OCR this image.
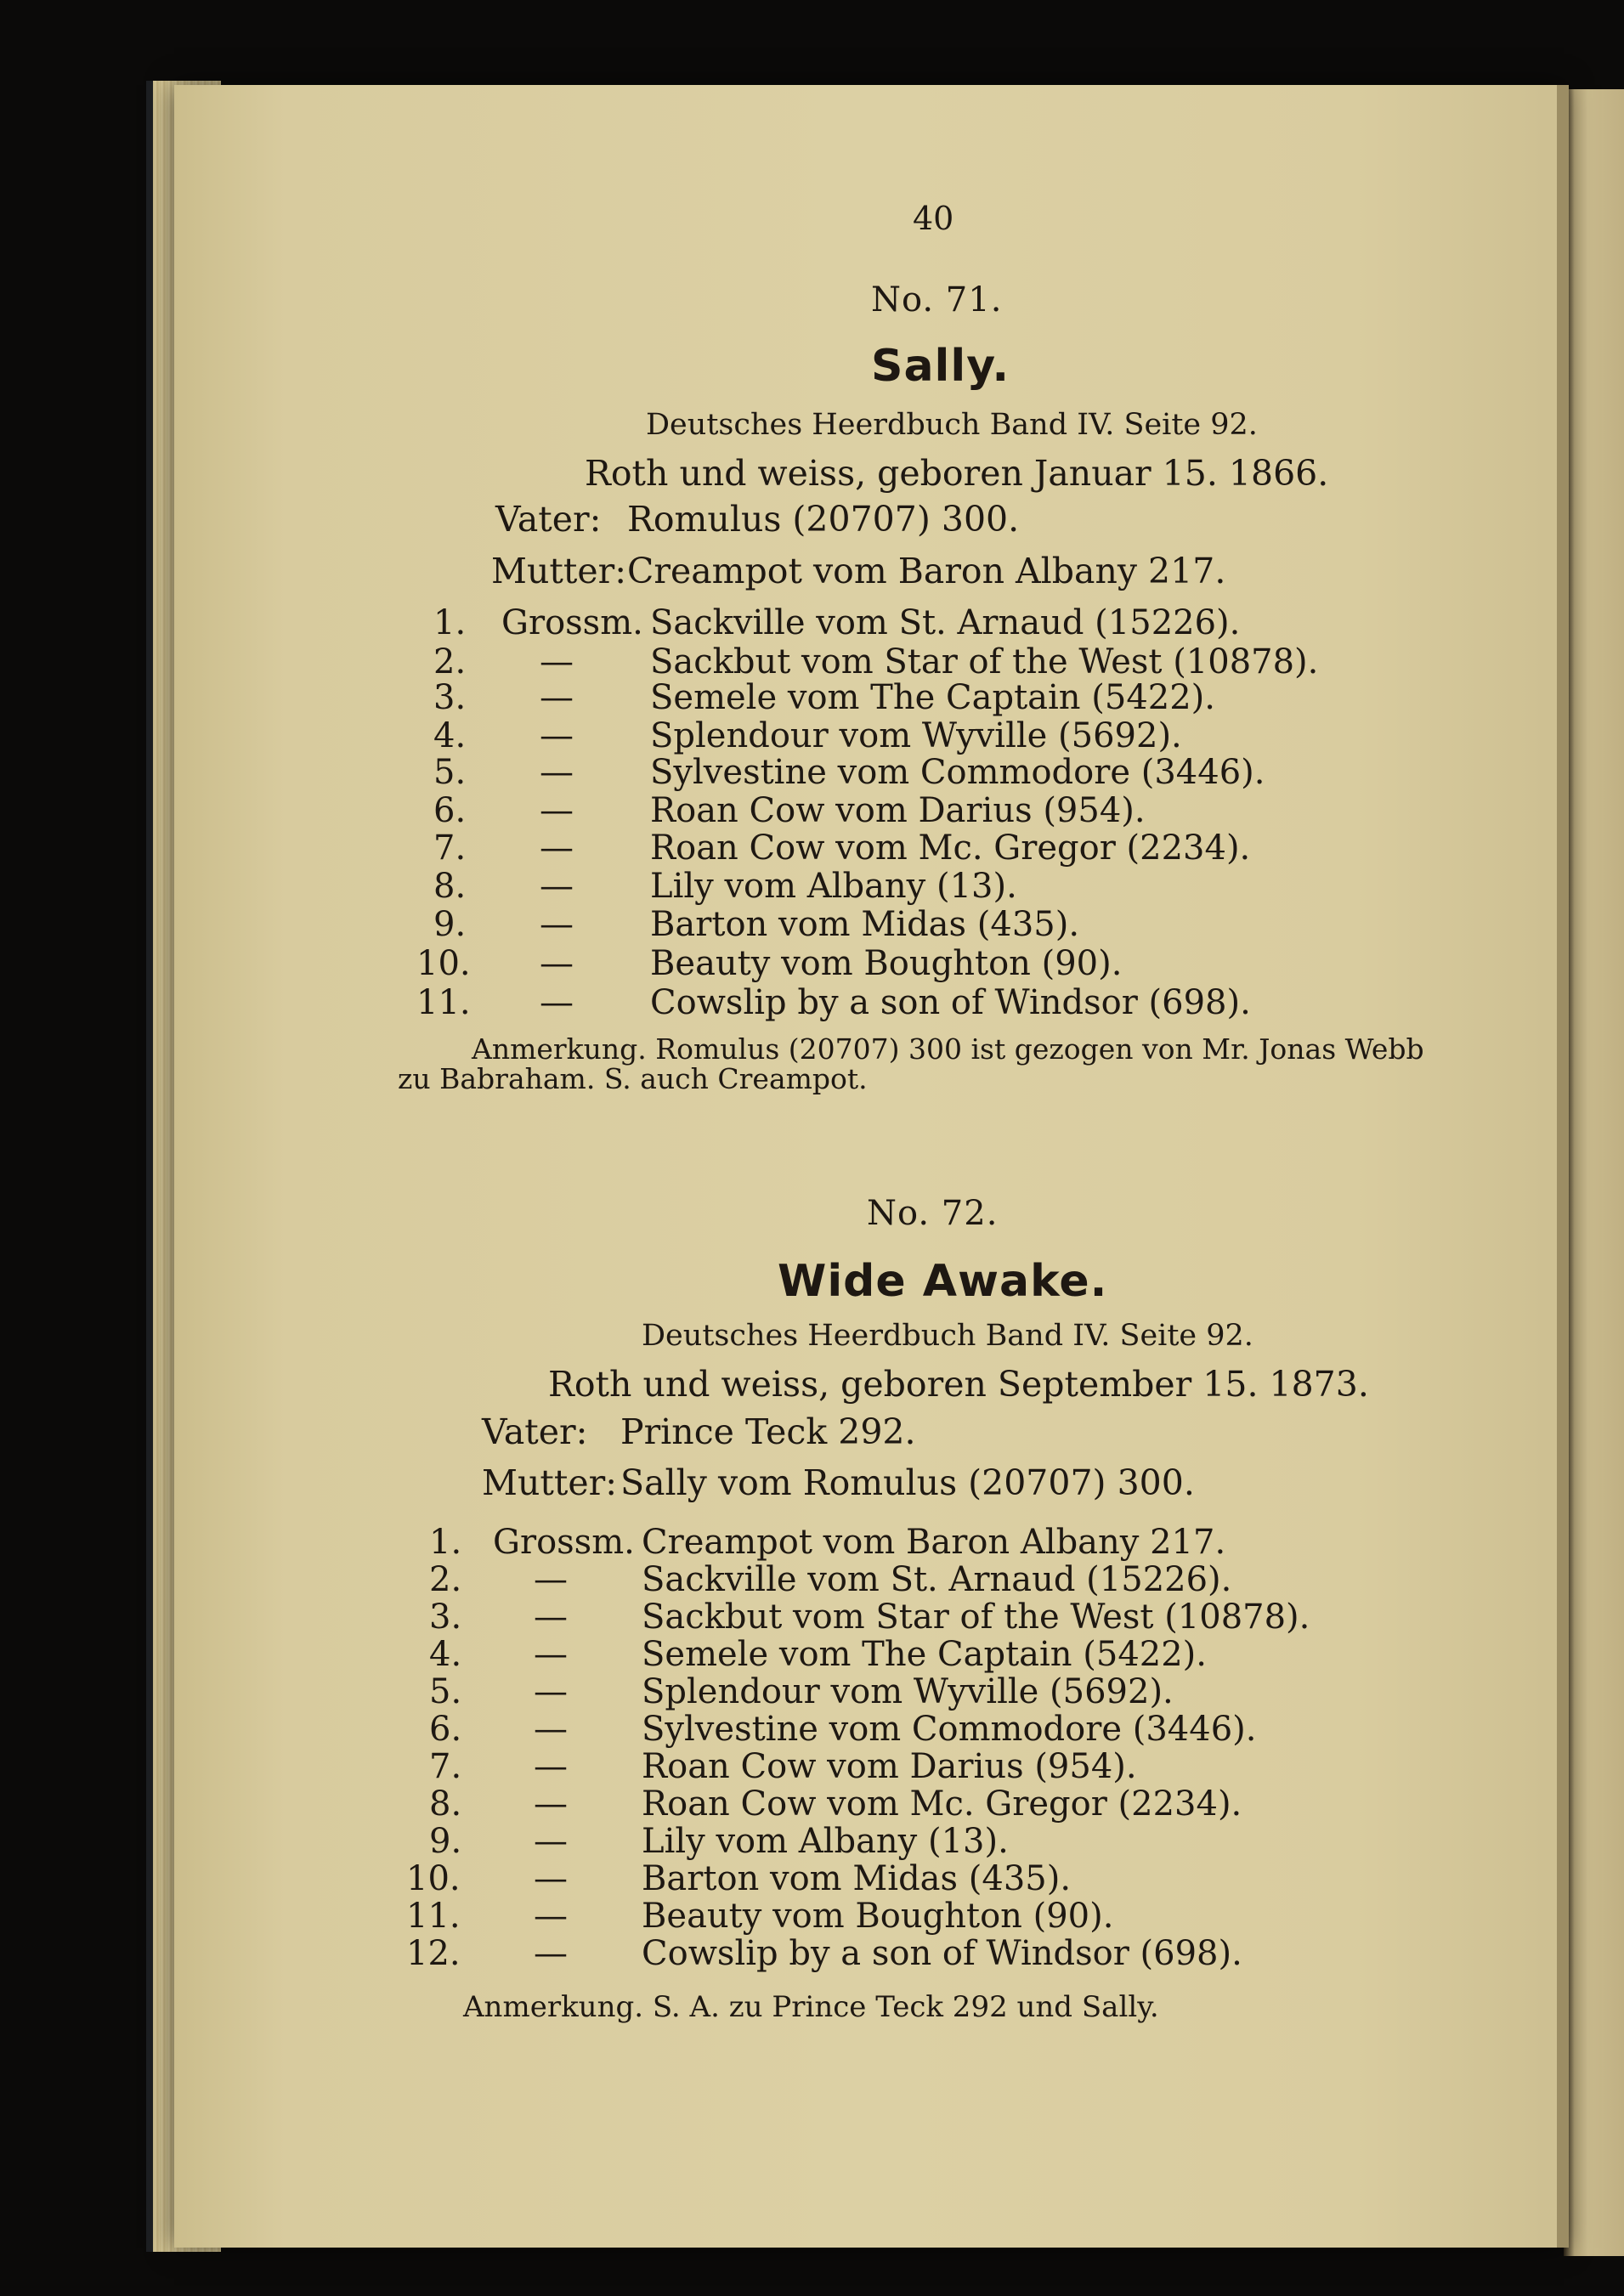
40
No. 71.
Sally.
Deutsches Heerdbuch Band IV. Seite 92.
Roth und weiss, geboren Januar 15. 1866.
Vater: Romulus (20707) 300.
Mutter: Creampot vom Baron Albany 217.
1. Grossm. Sackville vom St. Arnaud (15226).
2. — Sackbut vom Star of the West (10878).
3. — Semele vom The Captain (5422).
4. — Splendour vom Wyville (5692).
5. — Sylvestine vom Commodore (3446).
6. — Roan Cow vom Darius (954).
7. — Roan Cow vom Mc. Gregor (2234).
8. — Lily vom Albany (13).
9. — Barton vom Midas (435).
10. — Beauty vom Boughton (90).
11. — Cowslip by a son of Windsor (698).
Anmerkung. Romulus (20707) 300 ist gezogen von Mr. Jonas Webb
zu Babraham. S. auch Creampot.
No. 72.
Wide Awake.
Deutsches Heerdbuch Band IV. Seite 92.
Roth und weiss, geboren September 15. 1873.
Vater: Prince Teck 292.
Mutter: Sally vom Romulus (20707) 300.
1. Grossm. Creampot vom Baron Albany 217.
2. — Sackville vom St. Arnaud (15226).
3. — Sackbut vom Star of the West (10878).
4. — Semele vom The Captain (5422).
5. — Splendour vom Wyville (5692).
6. — Sylvestine vom Commodore (3446).
7. — Roan Cow vom Darius (954).
8. — Roan Cow vom Mc. Gregor (2234).
9. — Lily vom Albany (13).
10. — Barton vom Midas (435).
11. — Beauty vom Boughton (90).
12. — Cowslip by a son of Windsor (698).
Anmerkung. S. A. zu Prince Teck 292 und Sally.
